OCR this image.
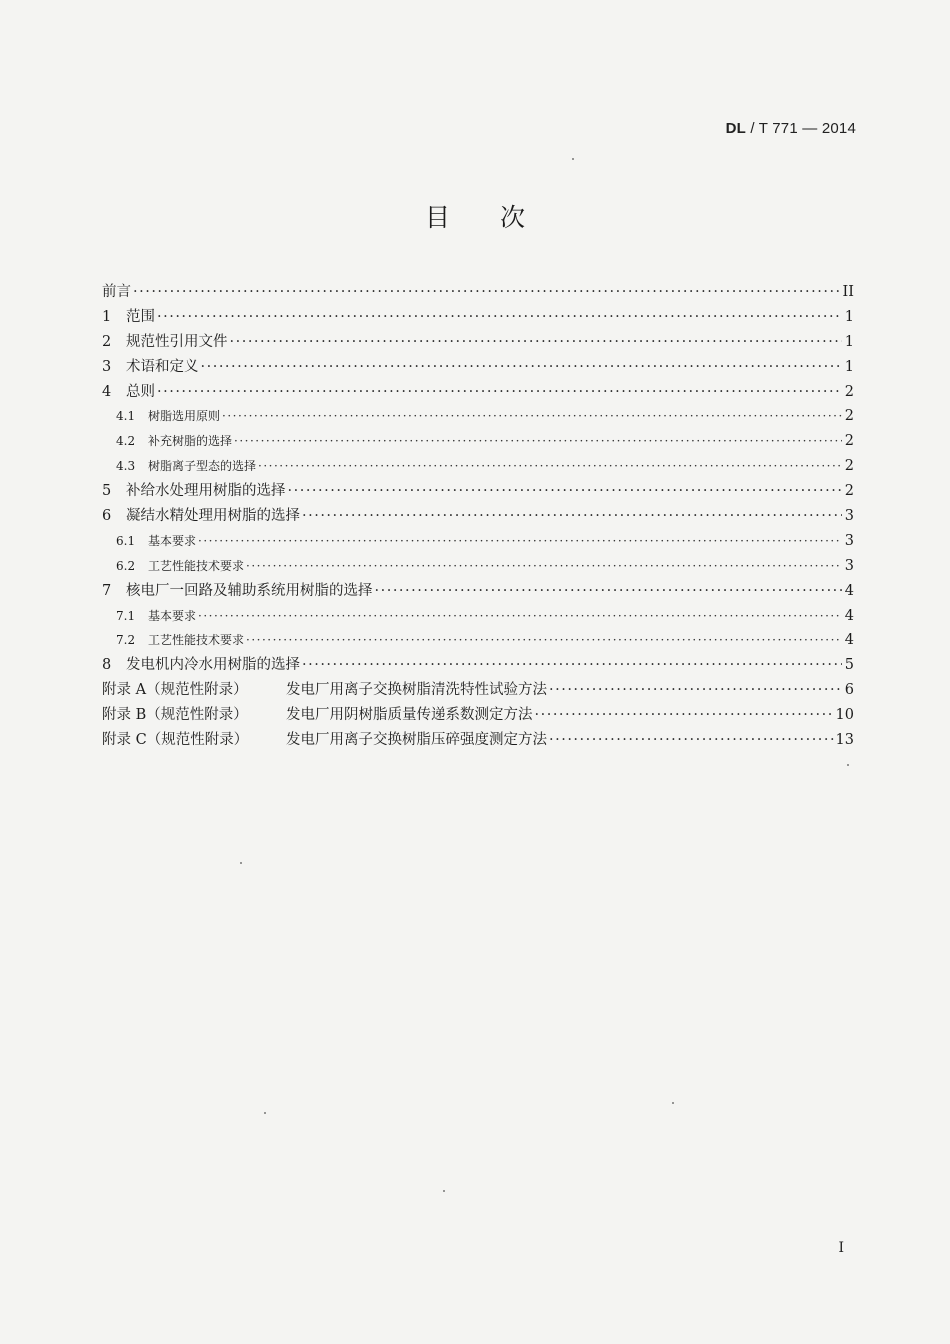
DL / T 771 — 2014
目次
前言 ·····	II
1	范围 ·····	1
2	规范性引用文件 ·····	1
3	术语和定义 ·····	1
4	总则 ·····	2
4.1	树脂选用原则 ·····	2
4.2	补充树脂的选择 ·····	2
4.3	树脂离子型态的选择 ·····	2
5	补给水处理用树脂的选择 ·····	2
6	凝结水精处理用树脂的选择 ·····	3
6.1	基本要求 ·····	3
6.2	工艺性能技术要求 ·····	3
7	核电厂一回路及辅助系统用树脂的选择 ·····	4
7.1	基本要求 ·····	4
7.2	工艺性能技术要求 ·····	4
8	发电机内冷水用树脂的选择 ·····	5
附录 A（规范性附录）	发电厂用离子交换树脂清洗特性试验方法 ·····	6
附录 B（规范性附录）	发电厂用阴树脂质量传递系数测定方法 ·····	10
附录 C（规范性附录）	发电厂用离子交换树脂压碎强度测定方法 ·····	13
I
